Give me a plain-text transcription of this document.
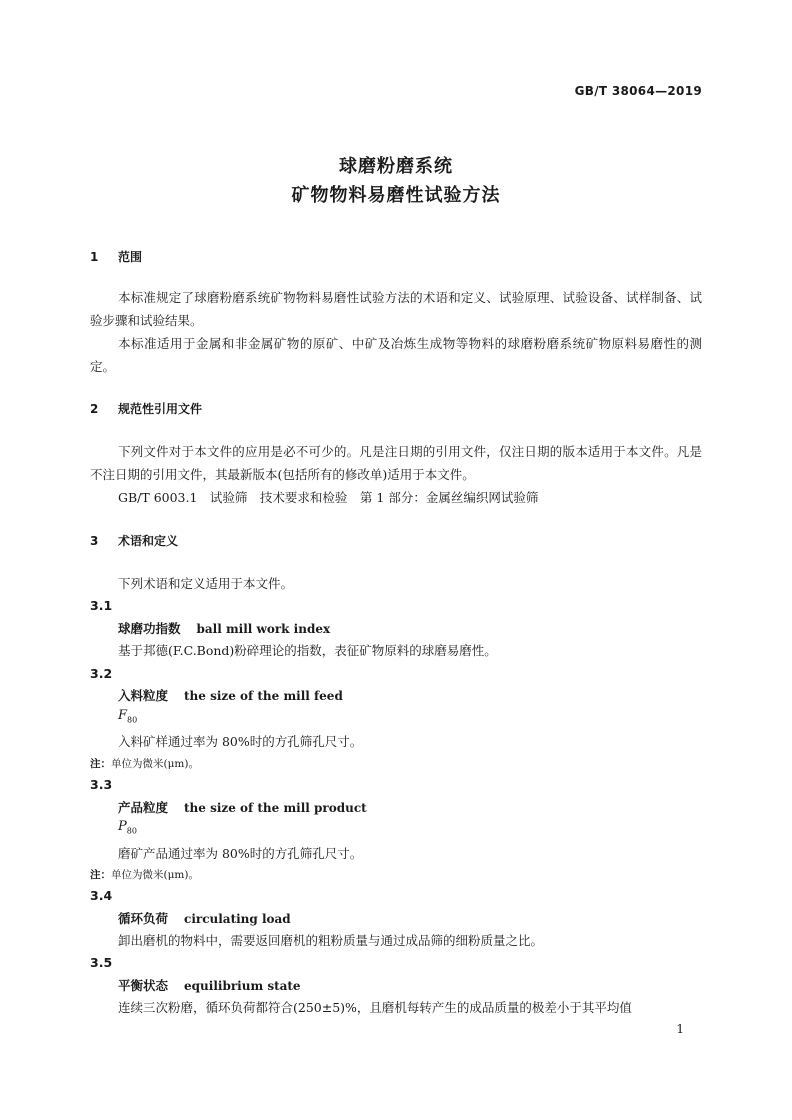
GB/T 38064—2019
球磨粉磨系统
矿物物料易磨性试验方法
1 范围
本标准规定了球磨粉磨系统矿物物料易磨性试验方法的术语和定义、试验原理、试验设备、试样制备、试验步骤和试验结果。
本标准适用于金属和非金属矿物的原矿、中矿及冶炼生成物等物料的球磨粉磨系统矿物原料易磨性的测定。
2 规范性引用文件
下列文件对于本文件的应用是必不可少的。凡是注日期的引用文件，仅注日期的版本适用于本文件。凡是不注日期的引用文件，其最新版本(包括所有的修改单)适用于本文件。
GB/T 6003.1　试验筛　技术要求和检验　第 1 部分：金属丝编织网试验筛
3 术语和定义
下列术语和定义适用于本文件。
3.1
球磨功指数 ball mill work index
基于邦德(F.C.Bond)粉碎理论的指数，表征矿物原料的球磨易磨性。
3.2
入料粒度 the size of the mill feed
$F_{80}$
入料矿样通过率为 80%时的方孔筛孔尺寸。
注：单位为微米(μm)。
3.3
产品粒度 the size of the mill product
$P_{80}$
磨矿产品通过率为 80%时的方孔筛孔尺寸。
注：单位为微米(μm)。
3.4
循环负荷 circulating load
卸出磨机的物料中，需要返回磨机的粗粉质量与通过成品筛的细粉质量之比。
3.5
平衡状态 equilibrium state
连续三次粉磨，循环负荷都符合(250±5)%，且磨机每转产生的成品质量的极差小于其平均值
1
